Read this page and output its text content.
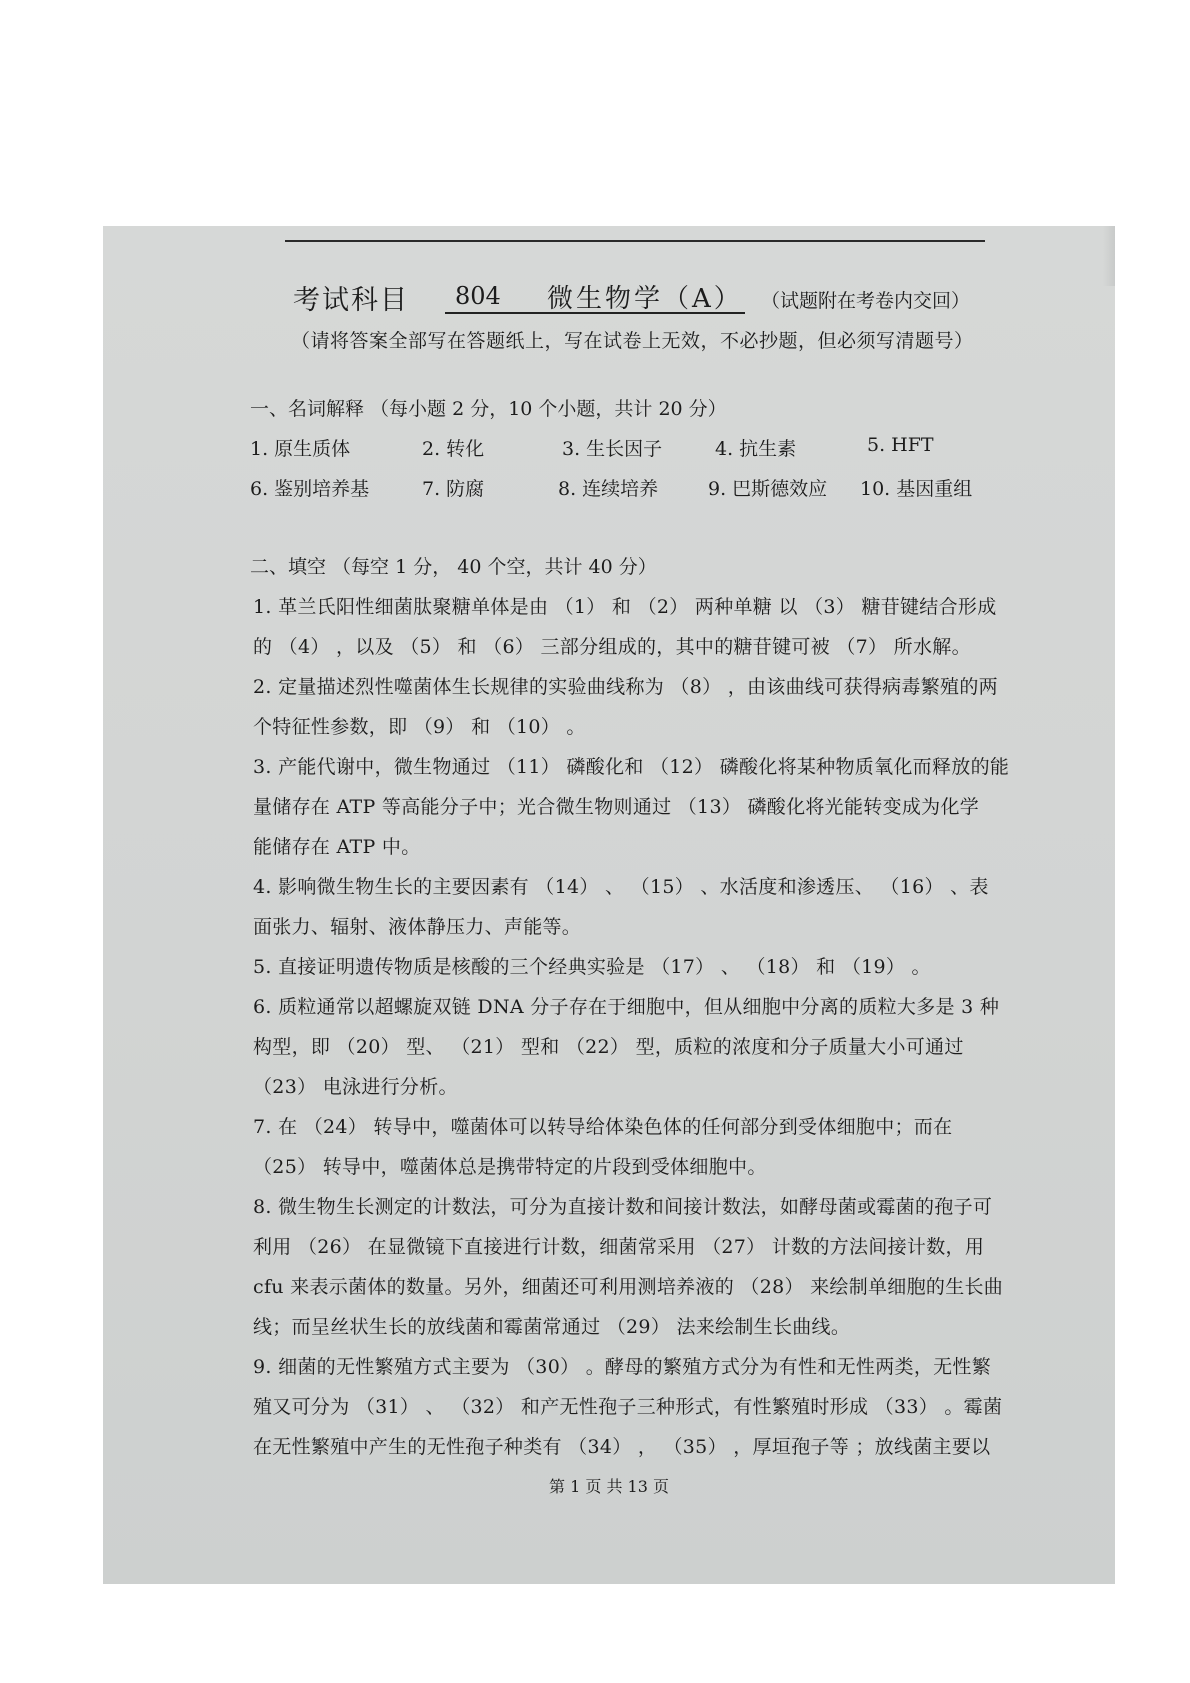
考试科目 804 微生物学（A） （试题附在考卷内交回）
（请将答案全部写在答题纸上，写在试卷上无效，不必抄题，但必须写清题号）
一、名词解释 （每小题 2 分，10 个小题，共计 20 分）
1. 原生质体	2. 转化	3. 生长因子	4. 抗生素	5. HFT
6. 鉴别培养基	7. 防腐	8. 连续培养	9. 巴斯德效应 10. 基因重组
二、填空 （每空 1 分， 40 个空，共计 40 分）
1. 革兰氏阳性细菌肽聚糖单体是由 （1） 和 （2） 两种单糖 以 （3） 糖苷键结合形成
的 （4） ，以及 （5） 和 （6） 三部分组成的，其中的糖苷键可被 （7） 所水解。
2. 定量描述烈性噬菌体生长规律的实验曲线称为 （8） ，由该曲线可获得病毒繁殖的两
个特征性参数，即 （9） 和 （10） 。
3. 产能代谢中，微生物通过 （11） 磷酸化和 （12） 磷酸化将某种物质氧化而释放的能
量储存在 ATP 等高能分子中；光合微生物则通过 （13） 磷酸化将光能转变成为化学
能储存在 ATP 中。
4. 影响微生物生长的主要因素有 （14） 、 （15） 、水活度和渗透压、 （16） 、表
面张力、辐射、液体静压力、声能等。
5. 直接证明遗传物质是核酸的三个经典实验是 （17） 、 （18） 和 （19） 。
6. 质粒通常以超螺旋双链 DNA 分子存在于细胞中，但从细胞中分离的质粒大多是 3 种
构型，即 （20） 型、 （21） 型和 （22） 型，质粒的浓度和分子质量大小可通过
（23） 电泳进行分析。
7. 在 （24） 转导中，噬菌体可以转导给体染色体的任何部分到受体细胞中；而在
（25） 转导中，噬菌体总是携带特定的片段到受体细胞中。
8. 微生物生长测定的计数法，可分为直接计数和间接计数法，如酵母菌或霉菌的孢子可
利用 （26） 在显微镜下直接进行计数，细菌常采用 （27） 计数的方法间接计数，用
cfu 来表示菌体的数量。另外，细菌还可利用测培养液的 （28） 来绘制单细胞的生长曲
线；而呈丝状生长的放线菌和霉菌常通过 （29） 法来绘制生长曲线。
9. 细菌的无性繁殖方式主要为 （30） 。酵母的繁殖方式分为有性和无性两类，无性繁
殖又可分为 （31） 、 （32） 和产无性孢子三种形式，有性繁殖时形成 （33） 。霉菌
在无性繁殖中产生的无性孢子种类有 （34） ， （35） ，厚垣孢子等 ；放线菌主要以
第 1 页 共 13 页
